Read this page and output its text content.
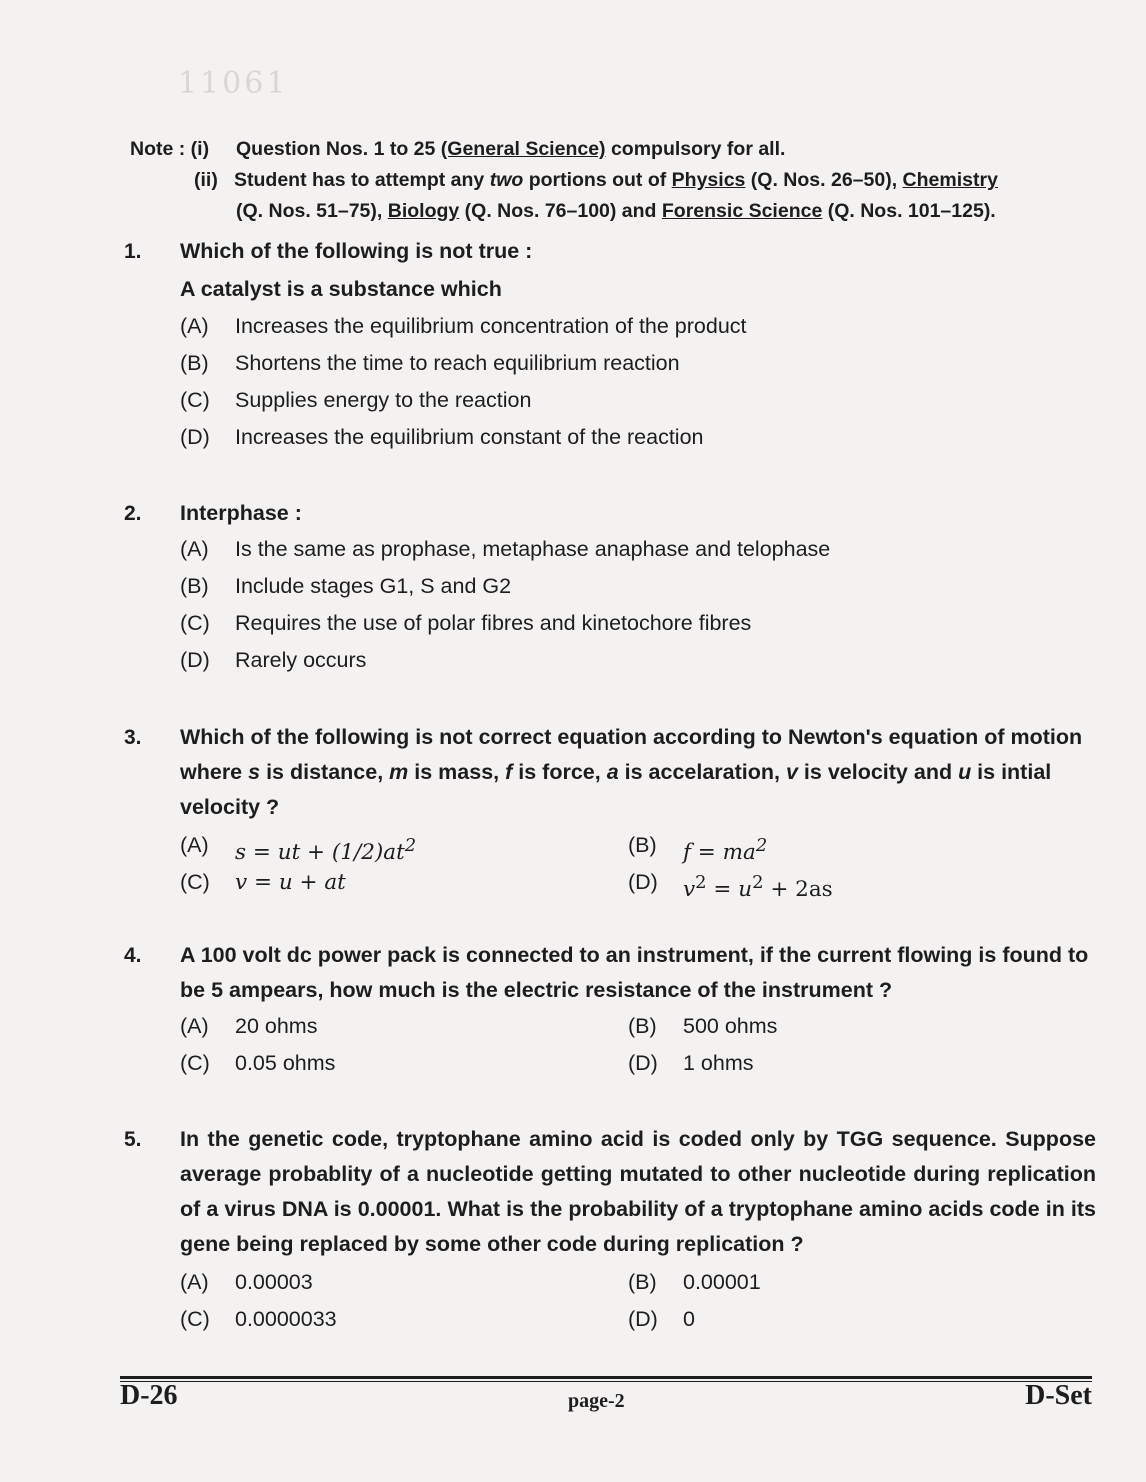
11061
Note : (i)	Question Nos. 1 to 25 (General Science) compulsory for all.
(ii) Student has to attempt any two portions out of Physics (Q. Nos. 26–50), Chemistry
(Q. Nos. 51–75), Biology (Q. Nos. 76–100) and Forensic Science (Q. Nos. 101–125).
1.	Which of the following is not true :
A catalyst is a substance which
(A)	Increases the equilibrium concentration of the product
(B)	Shortens the time to reach equilibrium reaction
(C)	Supplies energy to the reaction
(D)	Increases the equilibrium constant of the reaction
2.	Interphase :
(A)	Is the same as prophase, metaphase anaphase and telophase
(B)	Include stages G1, S and G2
(C)	Requires the use of polar fibres and kinetochore fibres
(D)	Rarely occurs
3.	Which of the following is not correct equation according to Newton's equation of motion where s is distance, m is mass, f is force, a is accelaration, v is velocity and u is intial velocity ?
(A)	s = ut + $(1/2)at^2$	(B)	$f = ma^2$
(C)	v = u + at	(D)	$v^2 = u^2 + 2as$
4.	A 100 volt dc power pack is connected to an instrument, if the current flowing is found to be 5 ampears, how much is the electric resistance of the instrument ?
(A)	20 ohms	(B)	500 ohms
(C)	0.05 ohms	(D)	1 ohms
5.	In the genetic code, tryptophane amino acid is coded only by TGG sequence. Suppose average probablity of a nucleotide getting mutated to other nucleotide during replication of a virus DNA is 0.00001. What is the probability of a tryptophane amino acids code in its gene being replaced by some other code during replication ?
(A)	0.00003	(B)	0.00001
(C)	0.0000033	(D)	0
D-26	page-2	D-Set
